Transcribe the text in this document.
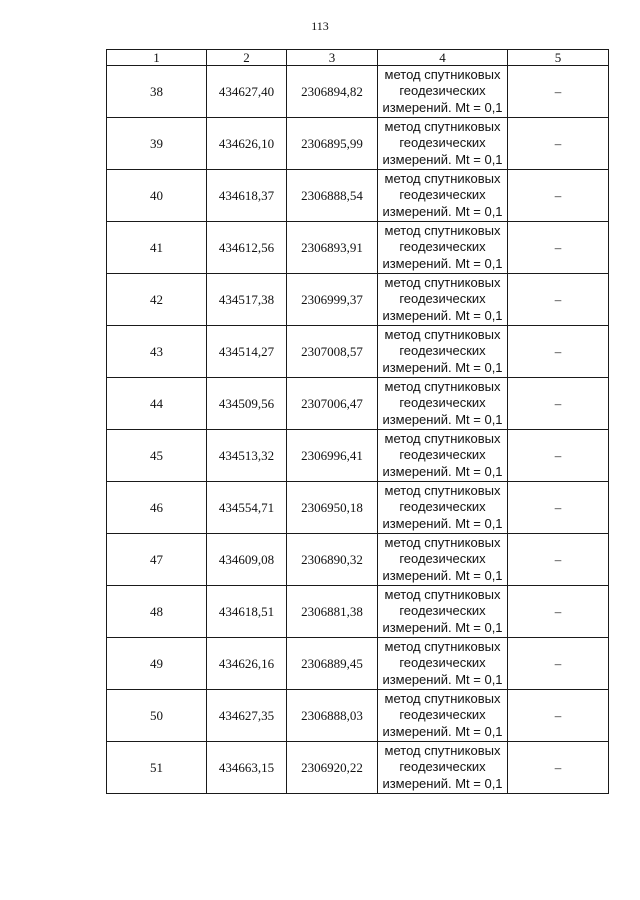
113
1	2	3	4	5
38	434627,40	2306894,82	метод спутниковых
геодезических
измерений. Mt = 0,1	–
39	434626,10	2306895,99	метод спутниковых
геодезических
измерений. Mt = 0,1	–
40	434618,37	2306888,54	метод спутниковых
геодезических
измерений. Mt = 0,1	–
41	434612,56	2306893,91	метод спутниковых
геодезических
измерений. Mt = 0,1	–
42	434517,38	2306999,37	метод спутниковых
геодезических
измерений. Mt = 0,1	–
43	434514,27	2307008,57	метод спутниковых
геодезических
измерений. Mt = 0,1	–
44	434509,56	2307006,47	метод спутниковых
геодезических
измерений. Mt = 0,1	–
45	434513,32	2306996,41	метод спутниковых
геодезических
измерений. Mt = 0,1	–
46	434554,71	2306950,18	метод спутниковых
геодезических
измерений. Mt = 0,1	–
47	434609,08	2306890,32	метод спутниковых
геодезических
измерений. Mt = 0,1	–
48	434618,51	2306881,38	метод спутниковых
геодезических
измерений. Mt = 0,1	–
49	434626,16	2306889,45	метод спутниковых
геодезических
измерений. Mt = 0,1	–
50	434627,35	2306888,03	метод спутниковых
геодезических
измерений. Mt = 0,1	–
51	434663,15	2306920,22	метод спутниковых
геодезических
измерений. Mt = 0,1	–
